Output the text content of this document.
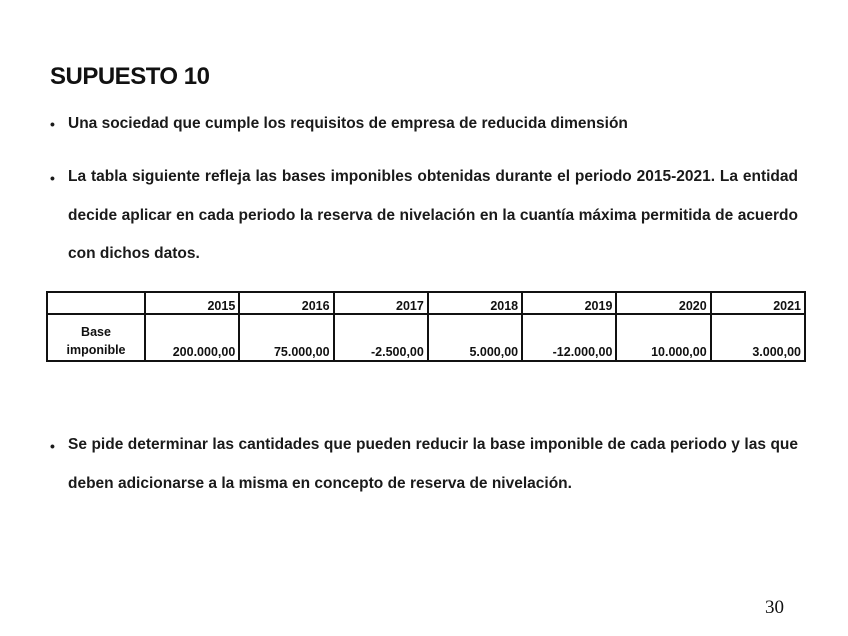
SUPUESTO 10

• Una sociedad que cumple los requisitos de empresa de reducida dimensión

• La tabla siguiente refleja las bases imponibles obtenidas durante el periodo 2015-2021. La entidad decide aplicar en cada periodo la reserva de nivelación en la cuantía máxima permitida de acuerdo con dichos datos.

	2015	2016	2017	2018	2019	2020	2021
Base
imponible	200.000,00	75.000,00	-2.500,00	5.000,00	-12.000,00	10.000,00	3.000,00

• Se pide determinar las cantidades que pueden reducir la base imponible de cada periodo y las que deben adicionarse a la misma en concepto de reserva de nivelación.

30
